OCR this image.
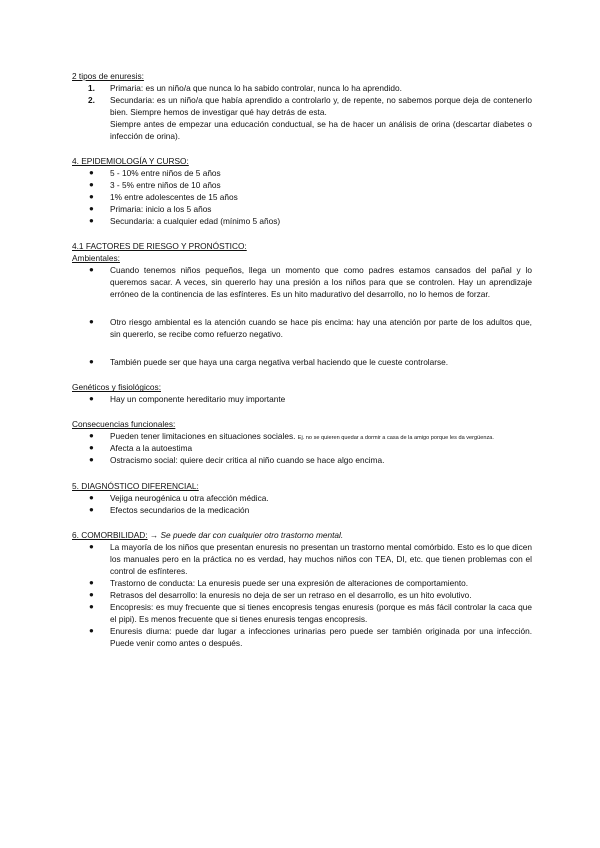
2 tipos de enuresis:
1. Primaria: es un niño/a que nunca lo ha sabido controlar, nunca lo ha aprendido.
2. Secundaria: es un niño/a que había aprendido a controlarlo y, de repente, no sabemos porque deja de contenerlo bien. Siempre hemos de investigar qué hay detrás de esta.
Siempre antes de empezar una educación conductual, se ha de hacer un análisis de orina (descartar diabetes o infección de orina).
4. EPIDEMIOLOGÍA Y CURSO:
● 5 - 10% entre niños de 5 años
● 3 - 5% entre niños de 10 años
● 1% entre adolescentes de 15 años
● Primaria: inicio a los 5 años
● Secundaria: a cualquier edad (mínimo 5 años)
4.1 FACTORES DE RIESGO Y PRONÓSTICO:
Ambientales:
● Cuando tenemos niños pequeños, llega un momento que como padres estamos cansados del pañal y lo queremos sacar. A veces, sin quererlo hay una presión a los niños para que se controlen. Hay un aprendizaje erróneo de la continencia de las esfínteres. Es un hito madurativo del desarrollo, no lo hemos de forzar.
● Otro riesgo ambiental es la atención cuando se hace pis encima: hay una atención por parte de los adultos que, sin quererlo, se recibe como refuerzo negativo.
● También puede ser que haya una carga negativa verbal haciendo que le cueste controlarse.
Genéticos y fisiológicos:
● Hay un componente hereditario muy importante
Consecuencias funcionales:
● Pueden tener limitaciones en situaciones sociales. Ej. no se quieren quedar a dormir a casa de la amigo porque les da vergüenza.
● Afecta a la autoestima
● Ostracismo social: quiere decir critica al niño cuando se hace algo encima.
5. DIAGNÓSTICO DIFERENCIAL:
● Vejiga neurogénica u otra afección médica.
● Efectos secundarios de la medicación
6. COMORBILIDAD: → Se puede dar con cualquier otro trastorno mental.
● La mayoría de los niños que presentan enuresis no presentan un trastorno mental comórbido. Esto es lo que dicen los manuales pero en la práctica no es verdad, hay muchos niños con TEA, DI, etc. que tienen problemas con el control de esfínteres.
● Trastorno de conducta: La enuresis puede ser una expresión de alteraciones de comportamiento.
● Retrasos del desarrollo: la enuresis no deja de ser un retraso en el desarrollo, es un hito evolutivo.
● Encopresis: es muy frecuente que si tienes encopresis tengas enuresis (porque es más fácil controlar la caca que el pipi). Es menos frecuente que si tienes enuresis tengas encopresis.
● Enuresis diurna: puede dar lugar a infecciones urinarias pero puede ser también originada por una infección. Puede venir como antes o después.
